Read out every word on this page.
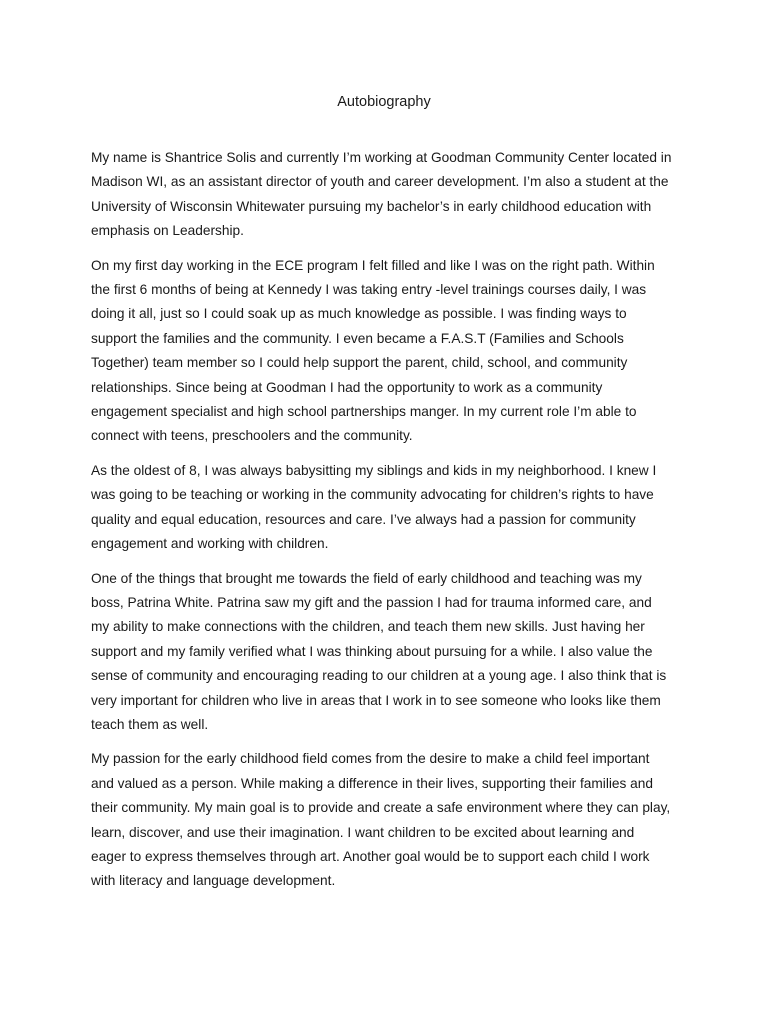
Autobiography

My name is Shantrice Solis and currently I’m working at Goodman Community Center located in
Madison WI, as an assistant director of youth and career development. I’m also a student at the
University of Wisconsin Whitewater pursuing my bachelor’s in early childhood education with
emphasis on Leadership.

On my first day working in the ECE program I felt filled and like I was on the right path. Within
the first 6 months of being at Kennedy I was taking entry -level trainings courses daily, I was
doing it all, just so I could soak up as much knowledge as possible. I was finding ways to
support the families and the community. I even became a F.A.S.T (Families and Schools
Together) team member so I could help support the parent, child, school, and community
relationships. Since being at Goodman I had the opportunity to work as a community
engagement specialist and high school partnerships manger. In my current role I’m able to
connect with teens, preschoolers and the community.

As the oldest of 8, I was always babysitting my siblings and kids in my neighborhood. I knew I
was going to be teaching or working in the community advocating for children’s rights to have
quality and equal education, resources and care. I’ve always had a passion for community
engagement and working with children.

One of the things that brought me towards the field of early childhood and teaching was my
boss, Patrina White. Patrina saw my gift and the passion I had for trauma informed care, and
my ability to make connections with the children, and teach them new skills. Just having her
support and my family verified what I was thinking about pursuing for a while. I also value the
sense of community and encouraging reading to our children at a young age. I also think that is
very important for children who live in areas that I work in to see someone who looks like them
teach them as well.

My passion for the early childhood field comes from the desire to make a child feel important
and valued as a person. While making a difference in their lives, supporting their families and
their community. My main goal is to provide and create a safe environment where they can play,
learn, discover, and use their imagination. I want children to be excited about learning and
eager to express themselves through art. Another goal would be to support each child I work
with literacy and language development.
